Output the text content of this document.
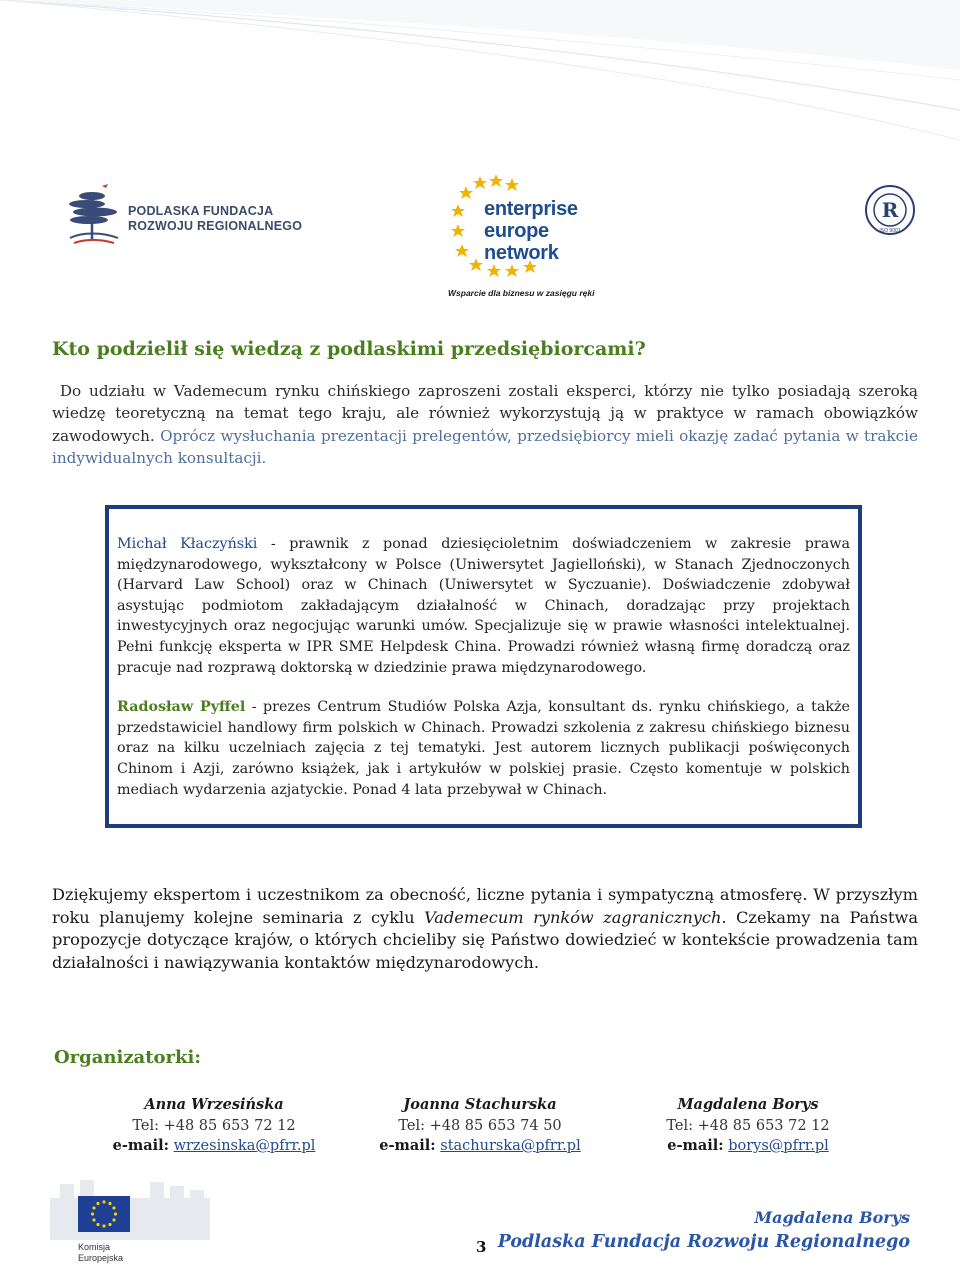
PODLASKA FUNDACJA
ROZWOJU REGIONALNEGO
enterprise
europe
network
Wsparcie dla biznesu w zasięgu ręki
R
ISO 9001
Kto podzielił się wiedzą z podlaskimi przedsiębiorcami?

Do udziału w Vademecum rynku chińskiego zaproszeni zostali eksperci, którzy nie tylko posiadają szeroką wiedzę teoretyczną na temat tego kraju, ale również wykorzystują ją w praktyce w ramach obowiązków zawodowych. Oprócz wysłuchania prezentacji prelegentów, przedsiębiorcy mieli okazję zadać pytania w trakcie indywidualnych konsultacji.

Michał Kłaczyński - prawnik z ponad dziesięcioletnim doświadczeniem w zakresie prawa międzynarodowego, wykształcony w Polsce (Uniwersytet Jagielloński), w Stanach Zjednoczonych (Harvard Law School) oraz w Chinach (Uniwersytet w Syczuanie). Doświadczenie zdobywał asystując podmiotom zakładającym działalność w Chinach, doradzając przy projektach inwestycyjnych oraz negocjując warunki umów. Specjalizuje się w prawie własności intelektualnej. Pełni funkcję eksperta w IPR SME Helpdesk China. Prowadzi również własną firmę doradczą oraz pracuje nad rozprawą doktorską w dziedzinie prawa międzynarodowego.

Radosław Pyffel - prezes Centrum Studiów Polska Azja, konsultant ds. rynku chińskiego, a także przedstawiciel handlowy firm polskich w Chinach. Prowadzi szkolenia z zakresu chińskiego biznesu oraz na kilku uczelniach zajęcia z tej tematyki. Jest autorem licznych publikacji poświęconych Chinom i Azji, zarówno książek, jak i artykułów w polskiej prasie. Często komentuje w polskich mediach wydarzenia azjatyckie. Ponad 4 lata przebywał w Chinach.

Dziękujemy ekspertom i uczestnikom za obecność, liczne pytania i sympatyczną atmosferę. W przyszłym roku planujemy kolejne seminaria z cyklu Vademecum rynków zagranicznych. Czekamy na Państwa propozycje dotyczące krajów, o których chcieliby się Państwo dowiedzieć w kontekście prowadzenia tam działalności i nawiązywania kontaktów międzynarodowych.

Organizatorki:
Anna Wrzesińska
Tel: +48 85 653 72 12
e-mail: wrzesinska@pfrr.pl
Joanna Stachurska
Tel: +48 85 653 74 50
e-mail: stachurska@pfrr.pl
Magdalena Borys
Tel: +48 85 653 72 12
e-mail: borys@pfrr.pl
Komisja
Europejska
3
Magdalena Borys
Podlaska Fundacja Rozwoju Regionalnego
